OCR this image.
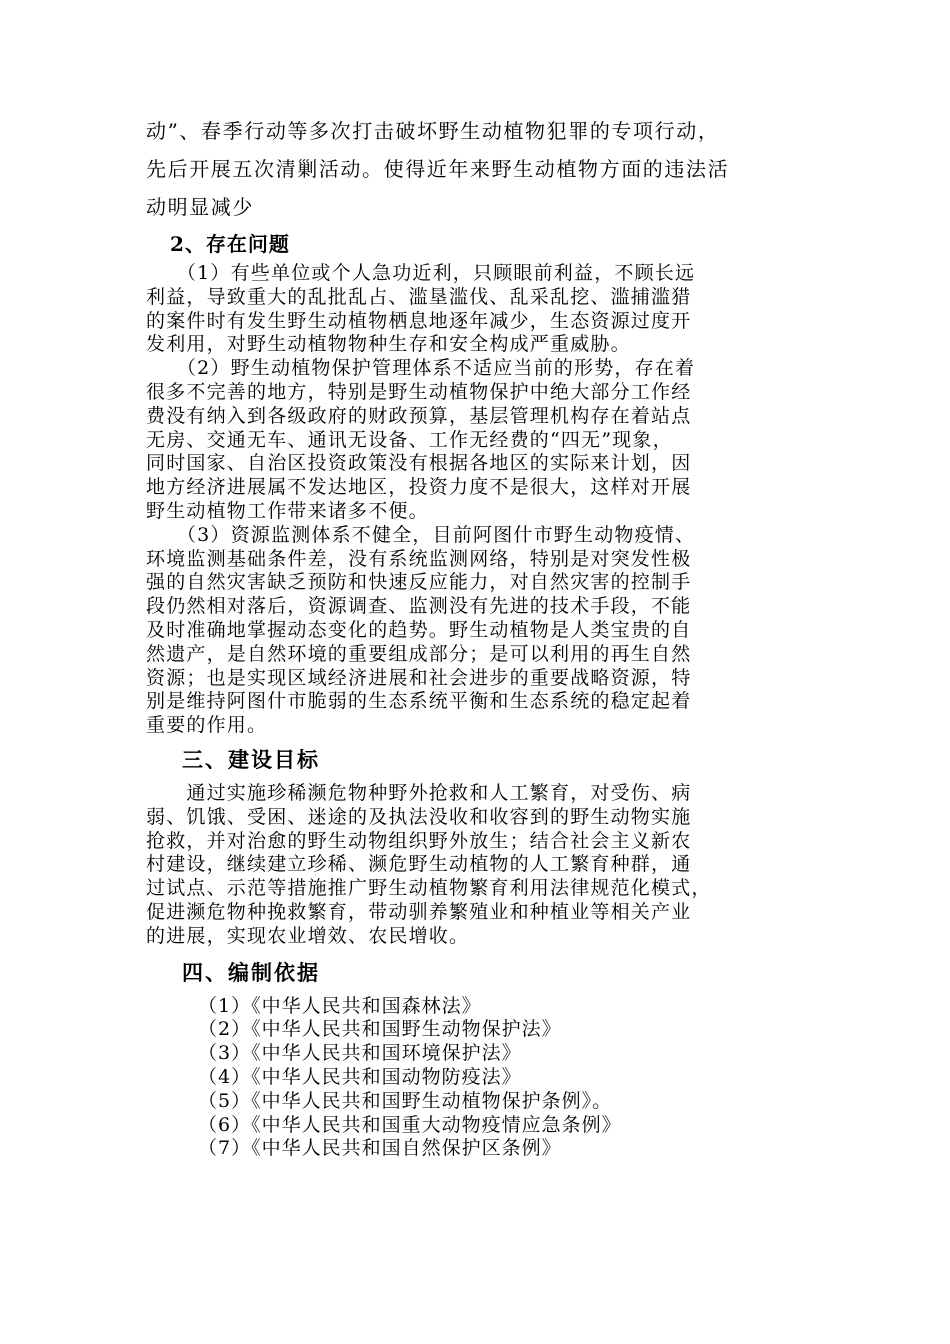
动”、春季行动等多次打击破坏野生动植物犯罪的专项行动，

先后开展五次清剿活动。使得近年来野生动植物方面的违法活

动明显减少

2、存在问题

　　（1）有些单位或个人急功近利，只顾眼前利益，不顾长远

利益，导致重大的乱批乱占、滥垦滥伐、乱采乱挖、滥捕滥猎

的案件时有发生野生动植物栖息地逐年减少，生态资源过度开

发利用，对野生动植物物种生存和安全构成严重威胁。

　　（2）野生动植物保护管理体系不适应当前的形势，存在着

很多不完善的地方，特别是野生动植物保护中绝大部分工作经

费没有纳入到各级政府的财政预算，基层管理机构存在着站点

无房、交通无车、通讯无设备、工作无经费的“四无”现象，

同时国家、自治区投资政策没有根据各地区的实际来计划，因

地方经济进展属不发达地区，投资力度不是很大，这样对开展

野生动植物工作带来诸多不便。

　　（3）资源监测体系不健全，目前阿图什市野生动物疫情、

环境监测基础条件差，没有系统监测网络，特别是对突发性极

强的自然灾害缺乏预防和快速反应能力，对自然灾害的控制手

段仍然相对落后，资源调查、监测没有先进的技术手段，不能

及时准确地掌握动态变化的趋势。野生动植物是人类宝贵的自

然遗产，是自然环境的重要组成部分；是可以利用的再生自然

资源；也是实现区域经济进展和社会进步的重要战略资源，特

别是维持阿图什市脆弱的生态系统平衡和生态系统的稳定起着

重要的作用。

三、建设目标

　　通过实施珍稀濒危物种野外抢救和人工繁育，对受伤、病

弱、饥饿、受困、迷途的及执法没收和收容到的野生动物实施

抢救，并对治愈的野生动物组织野外放生；结合社会主义新农

村建设，继续建立珍稀、濒危野生动植物的人工繁育种群，通

过试点、示范等措施推广野生动植物繁育利用法律规范化模式，

促进濒危物种挽救繁育，带动驯养繁殖业和种植业等相关产业

的进展，实现农业增效、农民增收。

四、编制依据

（1）《中华人民共和国森林法》

（2）《中华人民共和国野生动物保护法》

（3）《中华人民共和国环境保护法》

（4）《中华人民共和国动物防疫法》

（5）《中华人民共和国野生动植物保护条例》。

（6）《中华人民共和国重大动物疫情应急条例》

（7）《中华人民共和国自然保护区条例》
